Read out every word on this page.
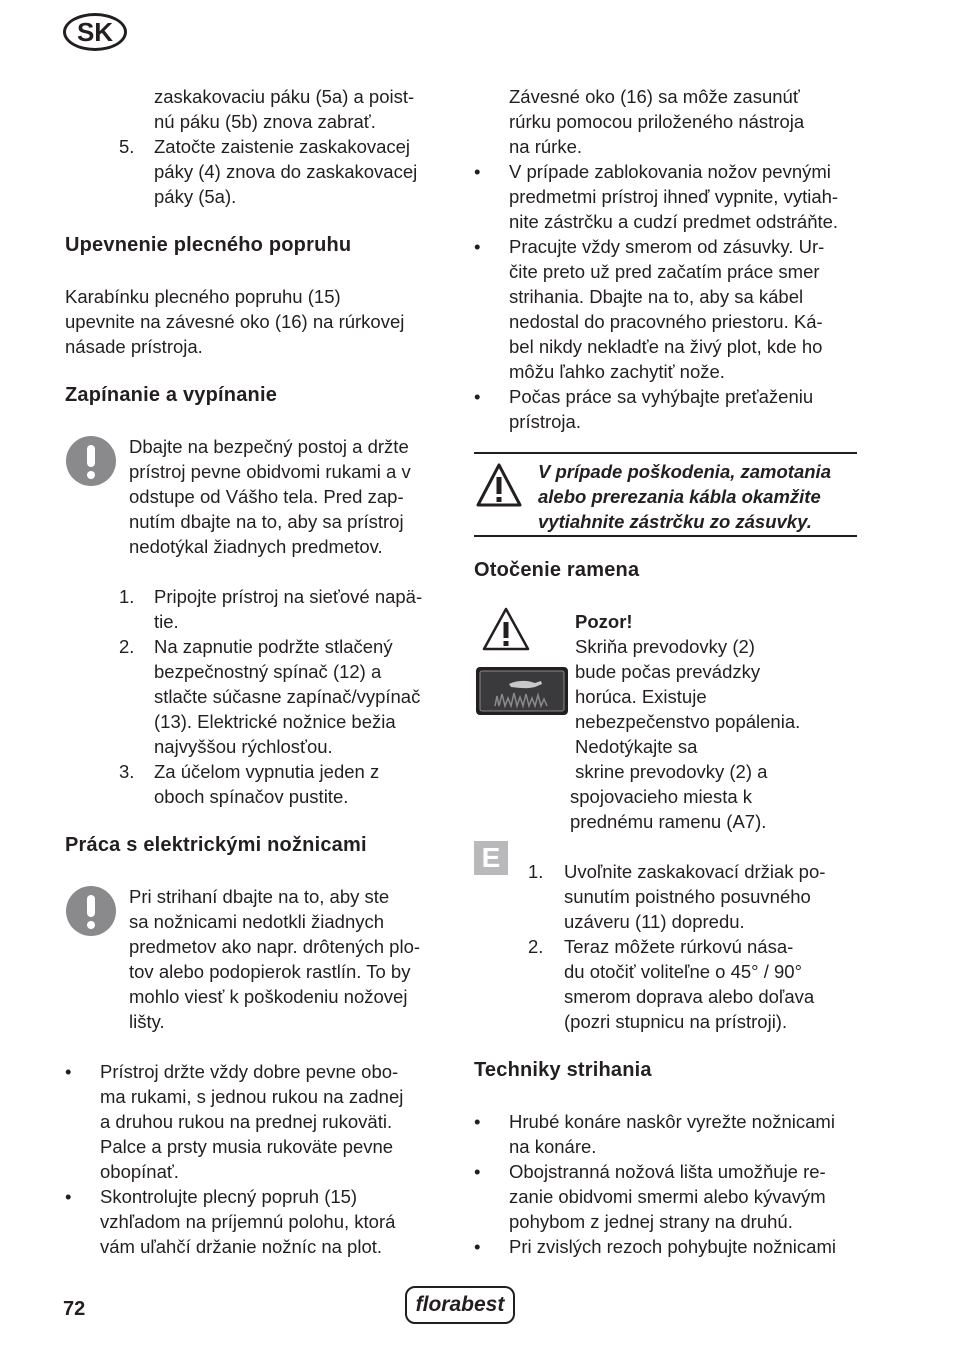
SK
zaskakovaciu páku (5a) a poist-
nú páku (5b) znova zabrať.
5. Zatočte zaistenie zaskakovacej
páky (4) znova do zaskakovacej
páky (5a).
Upevnenie plecného popruhu
Karabínku plecného popruhu (15)
upevnite na závesné oko (16) na rúrkovej
násade prístroja.
Zapínanie a vypínanie
Dbajte na bezpečný postoj a držte
prístroj pevne obidvomi rukami a v
odstupe od Vášho tela. Pred zap-
nutím dbajte na to, aby sa prístroj
nedotýkal žiadnych predmetov.
1. Pripojte prístroj na sieťové napä-
tie.
2. Na zapnutie podržte stlačený
bezpečnostný spínač (12) a
stlačte súčasne zapínač/vypínač
(13). Elektrické nožnice bežia
najvyššou rýchlosťou.
3. Za účelom vypnutia jeden z
oboch spínačov pustite.
Práca s elektrickými nožnicami
Pri strihaní dbajte na to, aby ste
sa nožnicami nedotkli žiadnych
predmetov ako napr. drôtených plo-
tov alebo podopierok rastlín. To by
mohlo viesť k poškodeniu nožovej
lišty.
• Prístroj držte vždy dobre pevne obo-
ma rukami, s jednou rukou na zadnej
a druhou rukou na prednej rukoväti.
Palce a prsty musia rukoväte pevne
obopínať.
• Skontrolujte plecný popruh (15)
vzhľadom na príjemnú polohu, ktorá
vám uľahčí držanie nožníc na plot.
Závesné oko (16) sa môže zasunúť
rúrku pomocou priloženého nástroja
na rúrke.
• V prípade zablokovania nožov pevnými
predmetmi prístroj ihneď vypnite, vytiah-
nite zástrčku a cudzí predmet odstráňte.
• Pracujte vždy smerom od zásuvky. Ur-
čite preto už pred začatím práce smer
strihania. Dbajte na to, aby sa kábel
nedostal do pracovného priestoru. Ká-
bel nikdy nekladťe na živý plot, kde ho
môžu ľahko zachytiť nože.
• Počas práce sa vyhýbajte preťaženiu
prístroja.
V prípade poškodenia, zamotania
alebo prerezania kábla okamžite
vytiahnite zástrčku zo zásuvky.
Otočenie ramena
Pozor!
Skriňa prevodovky (2)
bude počas prevádzky
horúca. Existuje
nebezpečenstvo popálenia.
Nedotýkajte sa
skrine prevodovky (2) a
spojovacieho miesta k
prednému ramenu (A7).
E	1. Uvoľnite zaskakovací držiak po-
sunutím poistného posuvného
uzáveru (11) dopredu.
2. Teraz môžete rúrkovú násа-
du otočiť voliteľne o 45° / 90°
smerom doprava alebo doľava
(pozri stupnicu na prístroji).
Techniky strihania
• Hrubé konáre naskôr vyrežte nožnicami
na konáre.
• Obojstranná nožová lišta umožňuje re-
zanie obidvomi smermi alebo kývavým
pohybom z jednej strany na druhú.
• Pri zvislých rezoch pohybujte nožnicami
72	florabest
